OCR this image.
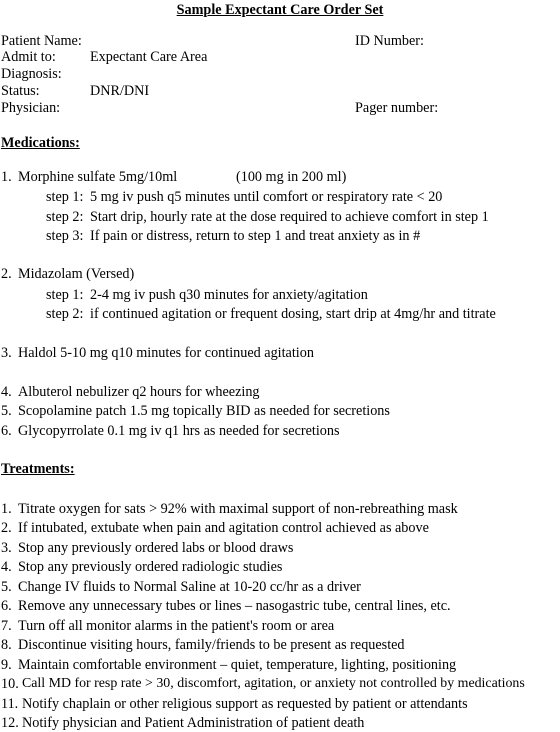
Sample Expectant Care Order Set
Patient Name:	ID Number:
Admit to: Expectant Care Area
Diagnosis:
Status:	DNR/DNI
Physician:	Pager number:
Medications:
1. Morphine sulfate 5mg/10ml	(100 mg in 200 ml)
step 1: 5 mg iv push q5 minutes until comfort or respiratory rate < 20
step 2: Start drip, hourly rate at the dose required to achieve comfort in step 1
step 3: If pain or distress, return to step 1 and treat anxiety as in #
2. Midazolam (Versed)
step 1: 2-4 mg iv push q30 minutes for anxiety/agitation
step 2: if continued agitation or frequent dosing, start drip at 4mg/hr and titrate
3. Haldol 5-10 mg q10 minutes for continued agitation
4. Albuterol nebulizer q2 hours for wheezing
5. Scopolamine patch 1.5 mg topically BID as needed for secretions
6. Glycopyrrolate 0.1 mg iv q1 hrs as needed for secretions
Treatments:
1. Titrate oxygen for sats > 92% with maximal support of non-rebreathing mask
2. If intubated, extubate when pain and agitation control achieved as above
3. Stop any previously ordered labs or blood draws
4. Stop any previously ordered radiologic studies
5. Change IV fluids to Normal Saline at 10-20 cc/hr as a driver
6. Remove any unnecessary tubes or lines – nasogastric tube, central lines, etc.
7. Turn off all monitor alarms in the patient's room or area
8. Discontinue visiting hours, family/friends to be present as requested
9. Maintain comfortable environment – quiet, temperature, lighting, positioning
10. Call MD for resp rate > 30, discomfort, agitation, or anxiety not controlled by medications
11. Notify chaplain or other religious support as requested by patient or attendants
12. Notify physician and Patient Administration of patient death
